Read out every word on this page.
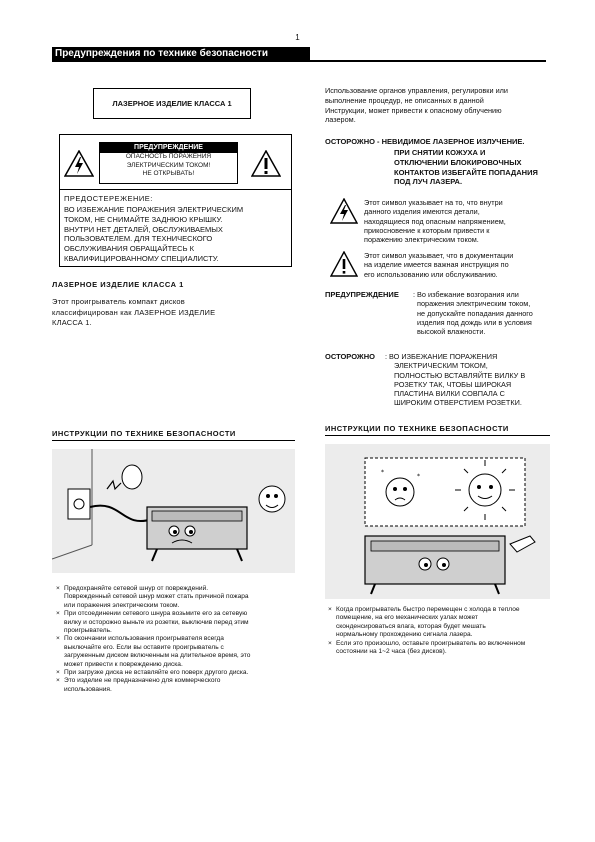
1
Предупреждения по технике безопасности
ЛАЗЕРНОЕ ИЗДЕЛИЕ КЛАССА 1
ПРЕДУПРЕЖДЕНИЕ
ОПАСНОСТЬ ПОРАЖЕНИЯ
ЭЛЕКТРИЧЕСКИМ ТОКОМ!
НЕ ОТКРЫВАТЬ!
ПРЕДОСТЕРЕЖЕНИЕ:
ВО ИЗБЕЖАНИЕ ПОРАЖЕНИЯ ЭЛЕКТРИЧЕСКИМ
ТОКОМ, НЕ СНИМАЙТЕ ЗАДНЮЮ КРЫШКУ.
ВНУТРИ НЕТ ДЕТАЛЕЙ, ОБСЛУЖИВАЕМЫХ
ПОЛЬЗОВАТЕЛЕМ. ДЛЯ ТЕХНИЧЕСКОГО
ОБСЛУЖИВАНИЯ ОБРАЩАЙТЕСЬ К
КВАЛИФИЦИРОВАННОМУ СПЕЦИАЛИСТУ.
ЛАЗЕРНОЕ ИЗДЕЛИЕ КЛАССА 1
Этот проигрыватель компакт дисков
классифицирован как ЛАЗЕРНОЕ ИЗДЕЛИЕ
КЛАССА 1.
Использование органов управления, регулировки или
выполнение процедур, не описанных в данной
Инструкции, может привести к опасному облучению
лазером.
ОСТОРОЖНО - НЕВИДИМОЕ ЛАЗЕРНОЕ ИЗЛУЧЕНИЕ.
ПРИ СНЯТИИ КОЖУХА И
ОТКЛЮЧЕНИИ БЛОКИРОВОЧНЫХ
КОНТАКТОВ ИЗБЕГАЙТЕ ПОПАДАНИЯ
ПОД ЛУЧ ЛАЗЕРА.
Этот символ указывает на то, что внутри
данного изделия имеются детали,
находящиеся под опасным напряжением,
прикосновение к которым привести к
поражению электрическим током.
Этот символ указывает, что в документации
на изделие имеется важная инструкция по
его использованию или обслуживанию.
ПРЕДУПРЕЖДЕНИЕ : Во избежание возгорания или
поражения электрическим током,
не допускайте попадания данного
изделия под дождь или в условия
высокой влажности.
ОСТОРОЖНО : ВО ИЗБЕЖАНИЕ ПОРАЖЕНИЯ
ЭЛЕКТРИЧЕСКИМ ТОКОМ,
ПОЛНОСТЬЮ ВСТАВЛЯЙТЕ ВИЛКУ В
РОЗЕТКУ ТАК, ЧТОБЫ ШИРОКАЯ
ПЛАСТИНА ВИЛКИ СОВПАЛА С
ШИРОКИМ ОТВЕРСТИЕМ РОЗЕТКИ.
ИНСТРУКЦИИ ПО ТЕХНИКЕ БЕЗОПАСНОСТИ
× Предохраняйте сетевой шнур от повреждений.
Поврежденный сетевой шнур может стать причиной пожара
или поражения электрическим током.
× При отсоединении сетевого шнура возьмите его за сетевую
вилку и осторожно выньте из розетки, выключив перед этим
проигрыватель.
× По окончании использования проигрывателя всегда
выключайте его. Если вы оставите проигрыватель с
загруженным диском включенным на длительное время, это
может привести к повреждению диска.
× При загрузке диска не вставляйте его поверх другого диска.
× Это изделие не предназначено для коммерческого
использования.
ИНСТРУКЦИИ ПО ТЕХНИКЕ БЕЗОПАСНОСТИ
*
*
× Когда проигрыватель быстро перемещен с холода в теплое
помещение, на его механических узлах может
сконденсироваться влага, которая будет мешать
нормальному прохождению сигнала лазера.
× Если это произошло, оставьте проигрыватель во включенном
состоянии на 1~2 часа (без дисков).
